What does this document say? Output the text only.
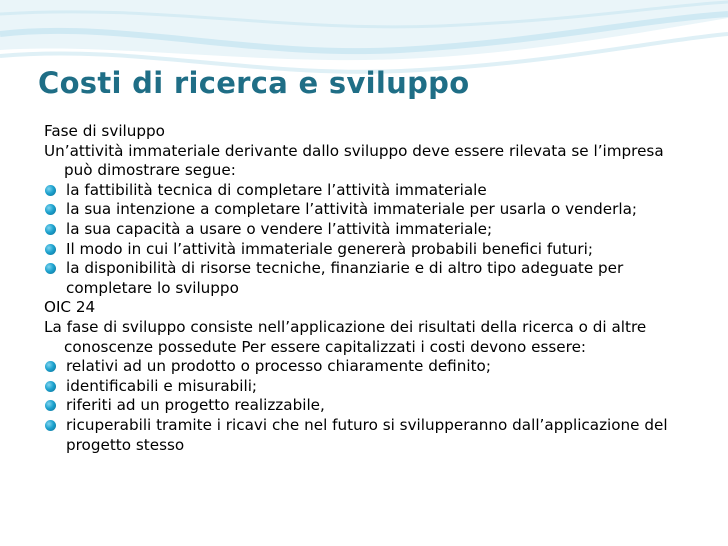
Costi di ricerca e sviluppo

Fase di sviluppo

Un’attività immateriale derivante dallo sviluppo deve essere rilevata se l’impresa può dimostrare segue:

la fattibilità tecnica di completare l’attività immateriale
la sua intenzione a completare l’attività immateriale per usarla o venderla;
la sua capacità a usare o vendere l’attività immateriale;
Il modo in cui l’attività immateriale genererà probabili benefici futuri;
la disponibilità di risorse tecniche, finanziarie e di altro tipo adeguate per completare lo sviluppo

OIC 24

La fase di sviluppo consiste nell’applicazione dei risultati della ricerca o di altre conoscenze possedute Per essere capitalizzati i costi devono essere:

relativi ad un prodotto o processo chiaramente definito;
identificabili e misurabili;
riferiti ad un progetto realizzabile,
ricuperabili tramite i ricavi che nel futuro si svilupperanno dall’applicazione del progetto stesso
